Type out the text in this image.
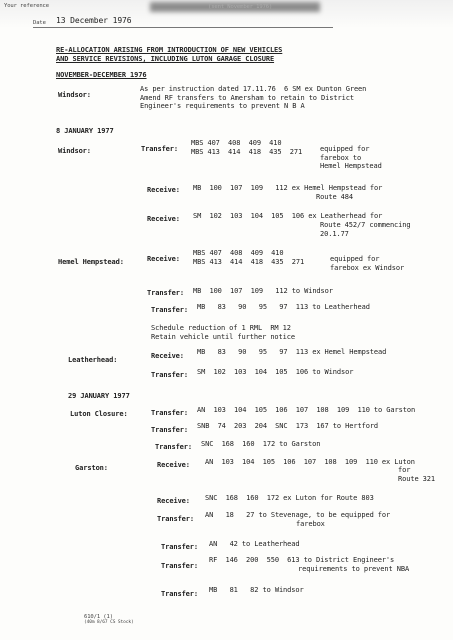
Your reference	(sent November 1976)
Date 13 December 1976
RE-ALLOCATION ARISING FROM INTRODUCTION OF NEW VEHICLES
AND SERVICE REVISIONS, INCLUDING LUTON GARAGE CLOSURE
NOVEMBER-DECEMBER 1976
Windsor:
As per instruction dated 17.11.76  6 SM ex Dunton Green
Amend RF transfers to Amersham to retain to District
Engineer's requirements to prevent N B A
8 JANUARY 1977
Windsor:	Transfer:
MBS 407  408  409  410
MBS 413  414  418  435  271	equipped for
farebox to
Hemel Hempstead
Receive: MB  100  107  109   112 ex Hemel Hempstead for
Route 484
Receive: SM  102  103  104  105  106 ex Leatherhead for
Route 452/7 commencing
20.1.77
Hemel Hempstead:	Receive:
MBS 407  408  409  410
MBS 413  414  418  435  271	equipped for
farebox ex Windsor
Transfer: MB  100  107  109   112 to Windsor
Transfer: MB   83   90   95   97  113 to Leatherhead
Schedule reduction of 1 RML  RM 12
Retain vehicle until further notice
Leatherhead:	Receive: MB   83   90   95   97  113 ex Hemel Hempstead
Transfer: SM  102  103  104  105  106 to Windsor
29 JANUARY 1977
Luton Closure:	Transfer: AN  103  104  105  106  107  108  109  110 to Garston
Transfer: SNB  74  203  204  SNC  173  167 to Hertford
Transfer: SNC  168  160  172 to Garston
Garston:	Receive: AN  103  104  105  106  107  108  109  110 ex Luton
for
Route 321
Receive: SNC  168  160  172 ex Luton for Route 803
Transfer: AN   18   27 to Stevenage, to be equipped for
farebox
Transfer: AN   42 to Leatherhead
Transfer:
RF  146  200  550  613 to District Engineer's
requirements to prevent NBA
Transfer: MB   81   82 to Windsor
610/1 (1)
(40m 8/67 CS Stock)
